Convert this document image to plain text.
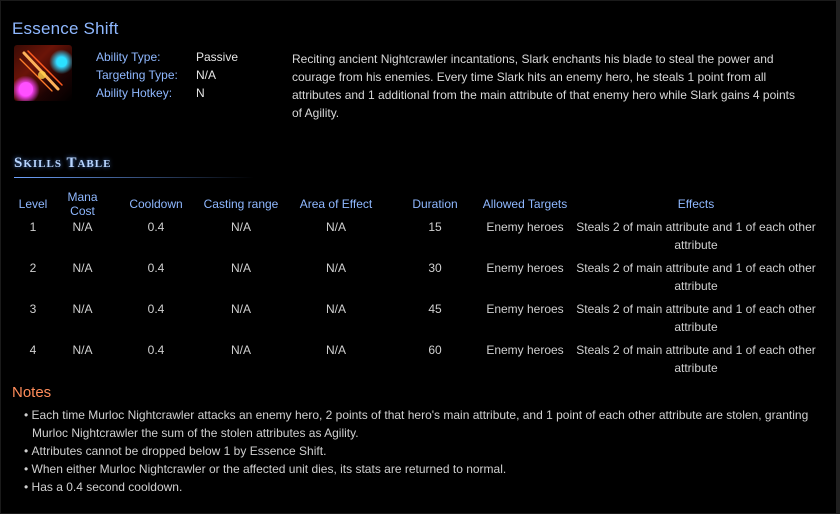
Essence Shift
Ability Type:	Passive
Targeting Type:	N/A
Ability Hotkey:	N
Reciting ancient Nightcrawler incantations, Slark enchants his blade to steal the power and courage from his enemies. Every time Slark hits an enemy hero, he steals 1 point from all attributes and 1 additional from the main attribute of that enemy hero while Slark gains 4 points of Agility.
Skills Table
Level	Mana Cost	Cooldown	Casting range	Area of Effect	Duration	Allowed Targets	Effects
1	N/A	0.4	N/A	N/A	15	Enemy heroes	Steals 2 of main attribute and 1 of each other attribute
2	N/A	0.4	N/A	N/A	30	Enemy heroes	Steals 2 of main attribute and 1 of each other attribute
3	N/A	0.4	N/A	N/A	45	Enemy heroes	Steals 2 of main attribute and 1 of each other attribute
4	N/A	0.4	N/A	N/A	60	Enemy heroes	Steals 2 of main attribute and 1 of each other attribute
Notes
• Each time Murloc Nightcrawler attacks an enemy hero, 2 points of that hero's main attribute, and 1 point of each other attribute are stolen, granting Murloc Nightcrawler the sum of the stolen attributes as Agility.
• Attributes cannot be dropped below 1 by Essence Shift.
• When either Murloc Nightcrawler or the affected unit dies, its stats are returned to normal.
• Has a 0.4 second cooldown.
